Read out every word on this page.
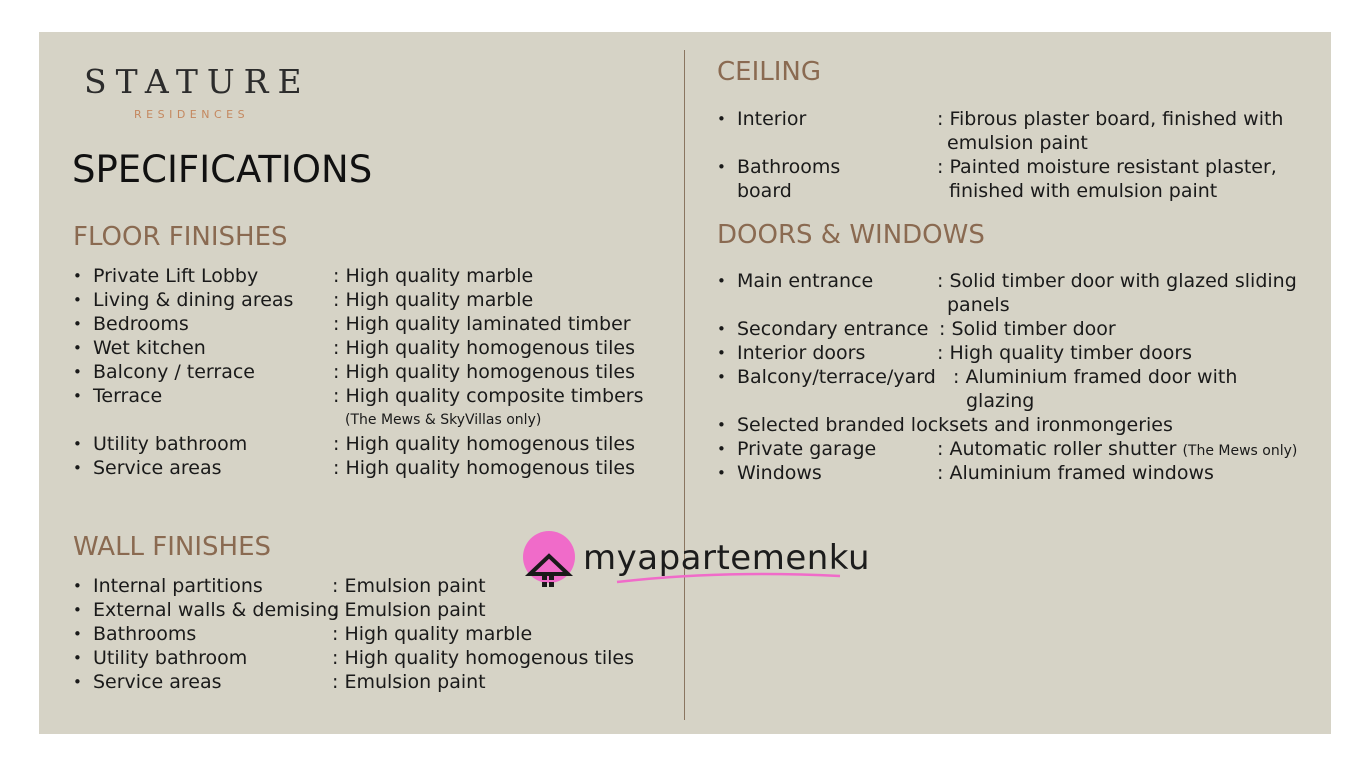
STATURE
RESIDENCES
SPECIFICATIONS
FLOOR FINISHES
• Private Lift Lobby	: High quality marble
• Living & dining areas : High quality marble
• Bedrooms	: High quality laminated timber
• Wet kitchen	: High quality homogenous tiles
• Balcony / terrace	: High quality homogenous tiles
• Terrace	: High quality composite timbers
(The Mews & SkyVillas only)
• Utility bathroom	: High quality homogenous tiles
• Service areas	: High quality homogenous tiles
WALL FINISHES
• Internal partitions	: Emulsion paint
• External walls & demising
: Emulsion paint
• Bathrooms	: High quality marble
• Utility bathroom	: High quality homogenous tiles
• Service areas	: Emulsion paint
CEILING
• Interior	: Fibrous plaster board, finished with
emulsion paint
• Bathrooms	: Painted moisture resistant plaster,
board	finished with emulsion paint
DOORS & WINDOWS
• Main entrance	: Solid timber door with glazed sliding
panels
• Secondary entrance : Solid timber door
• Interior doors	: High quality timber doors
• Balcony/terrace/yard : Aluminium framed door with
glazing
• Selected branded locksets and ironmongeries
• Private garage	: Automatic roller shutter (The Mews only)
• Windows	: Aluminium framed windows
myapartemenku
